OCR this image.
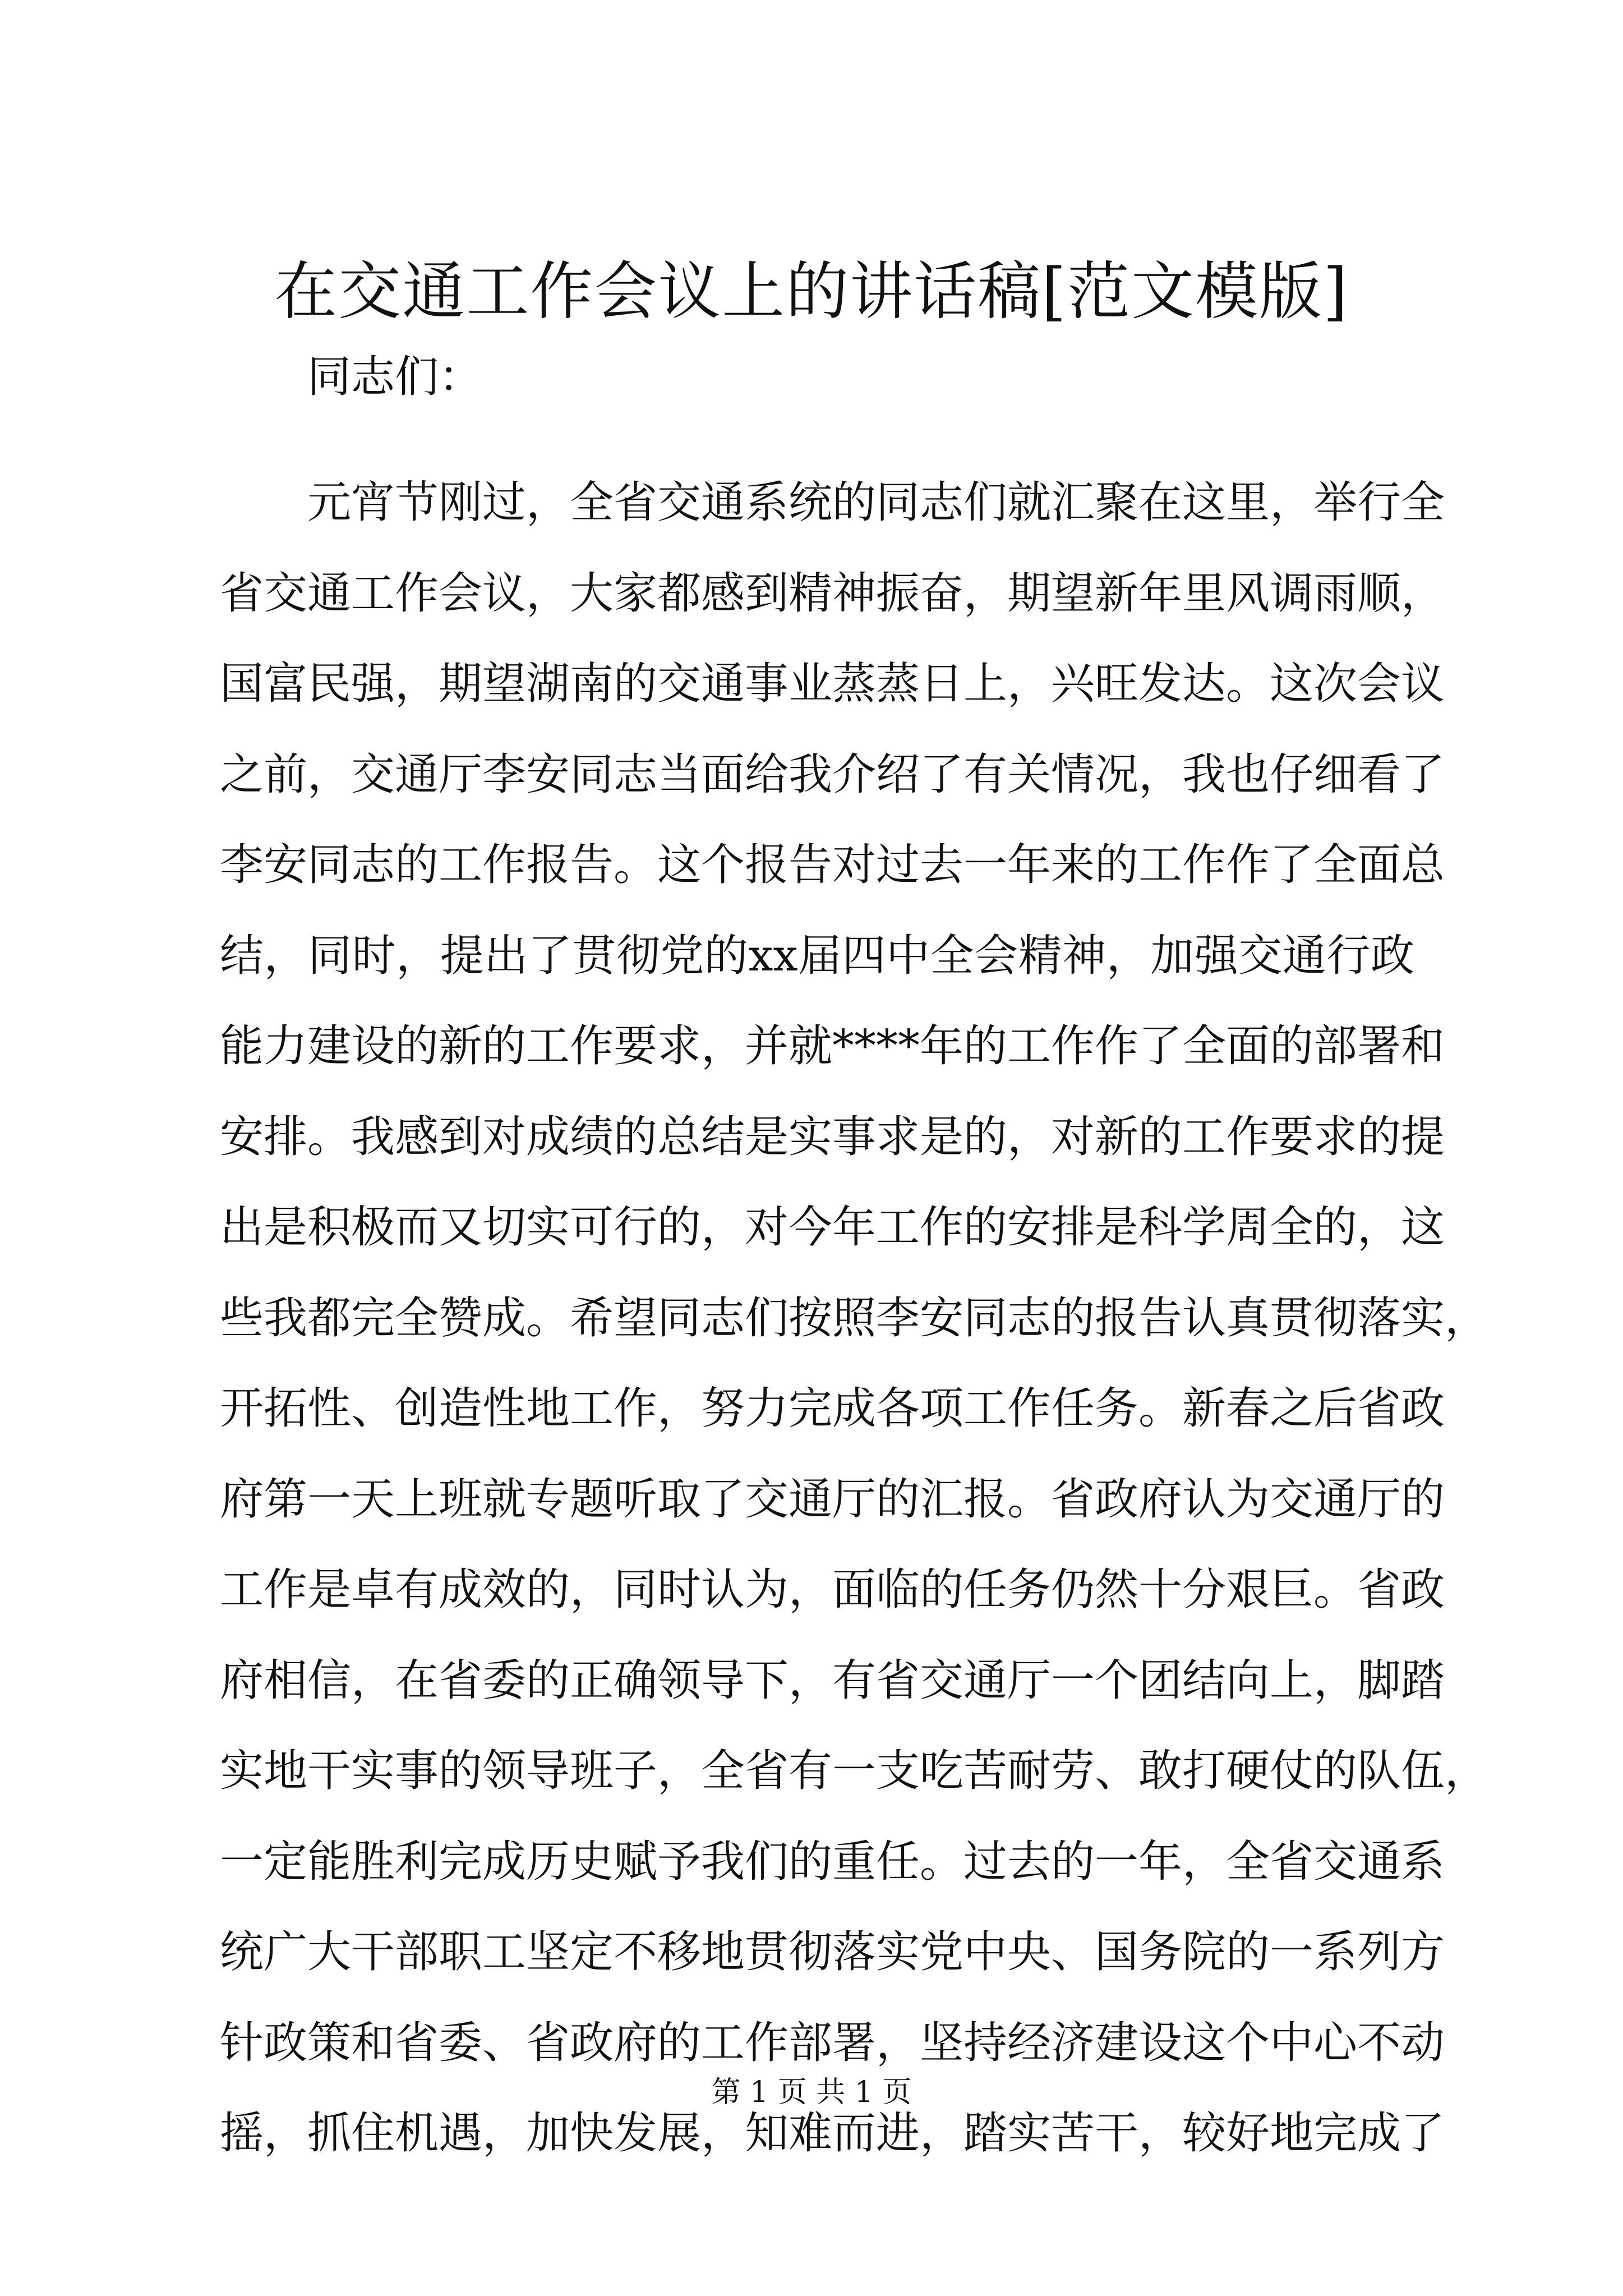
在交通工作会议上的讲话稿[范文模版]

同志们：

元宵节刚过，全省交通系统的同志们就汇聚在这里，举行全
省交通工作会议，大家都感到精神振奋，期望新年里风调雨顺，
国富民强，期望湖南的交通事业蒸蒸日上，兴旺发达。这次会议
之前，交通厅李安同志当面给我介绍了有关情况，我也仔细看了
李安同志的工作报告。这个报告对过去一年来的工作作了全面总
结，同时，提出了贯彻党的xx届四中全会精神，加强交通行政
能力建设的新的工作要求，并就****年的工作作了全面的部署和
安排。我感到对成绩的总结是实事求是的，对新的工作要求的提
出是积极而又切实可行的，对今年工作的安排是科学周全的，这
些我都完全赞成。希望同志们按照李安同志的报告认真贯彻落实，
开拓性、创造性地工作，努力完成各项工作任务。新春之后省政
府第一天上班就专题听取了交通厅的汇报。省政府认为交通厅的
工作是卓有成效的，同时认为，面临的任务仍然十分艰巨。省政
府相信，在省委的正确领导下，有省交通厅一个团结向上，脚踏
实地干实事的领导班子，全省有一支吃苦耐劳、敢打硬仗的队伍，
一定能胜利完成历史赋予我们的重任。过去的一年，全省交通系
统广大干部职工坚定不移地贯彻落实党中央、国务院的一系列方
针政策和省委、省政府的工作部署，坚持经济建设这个中心不动
摇，抓住机遇，加快发展，知难而进，踏实苦干，较好地完成了
第 1 页 共 1 页
